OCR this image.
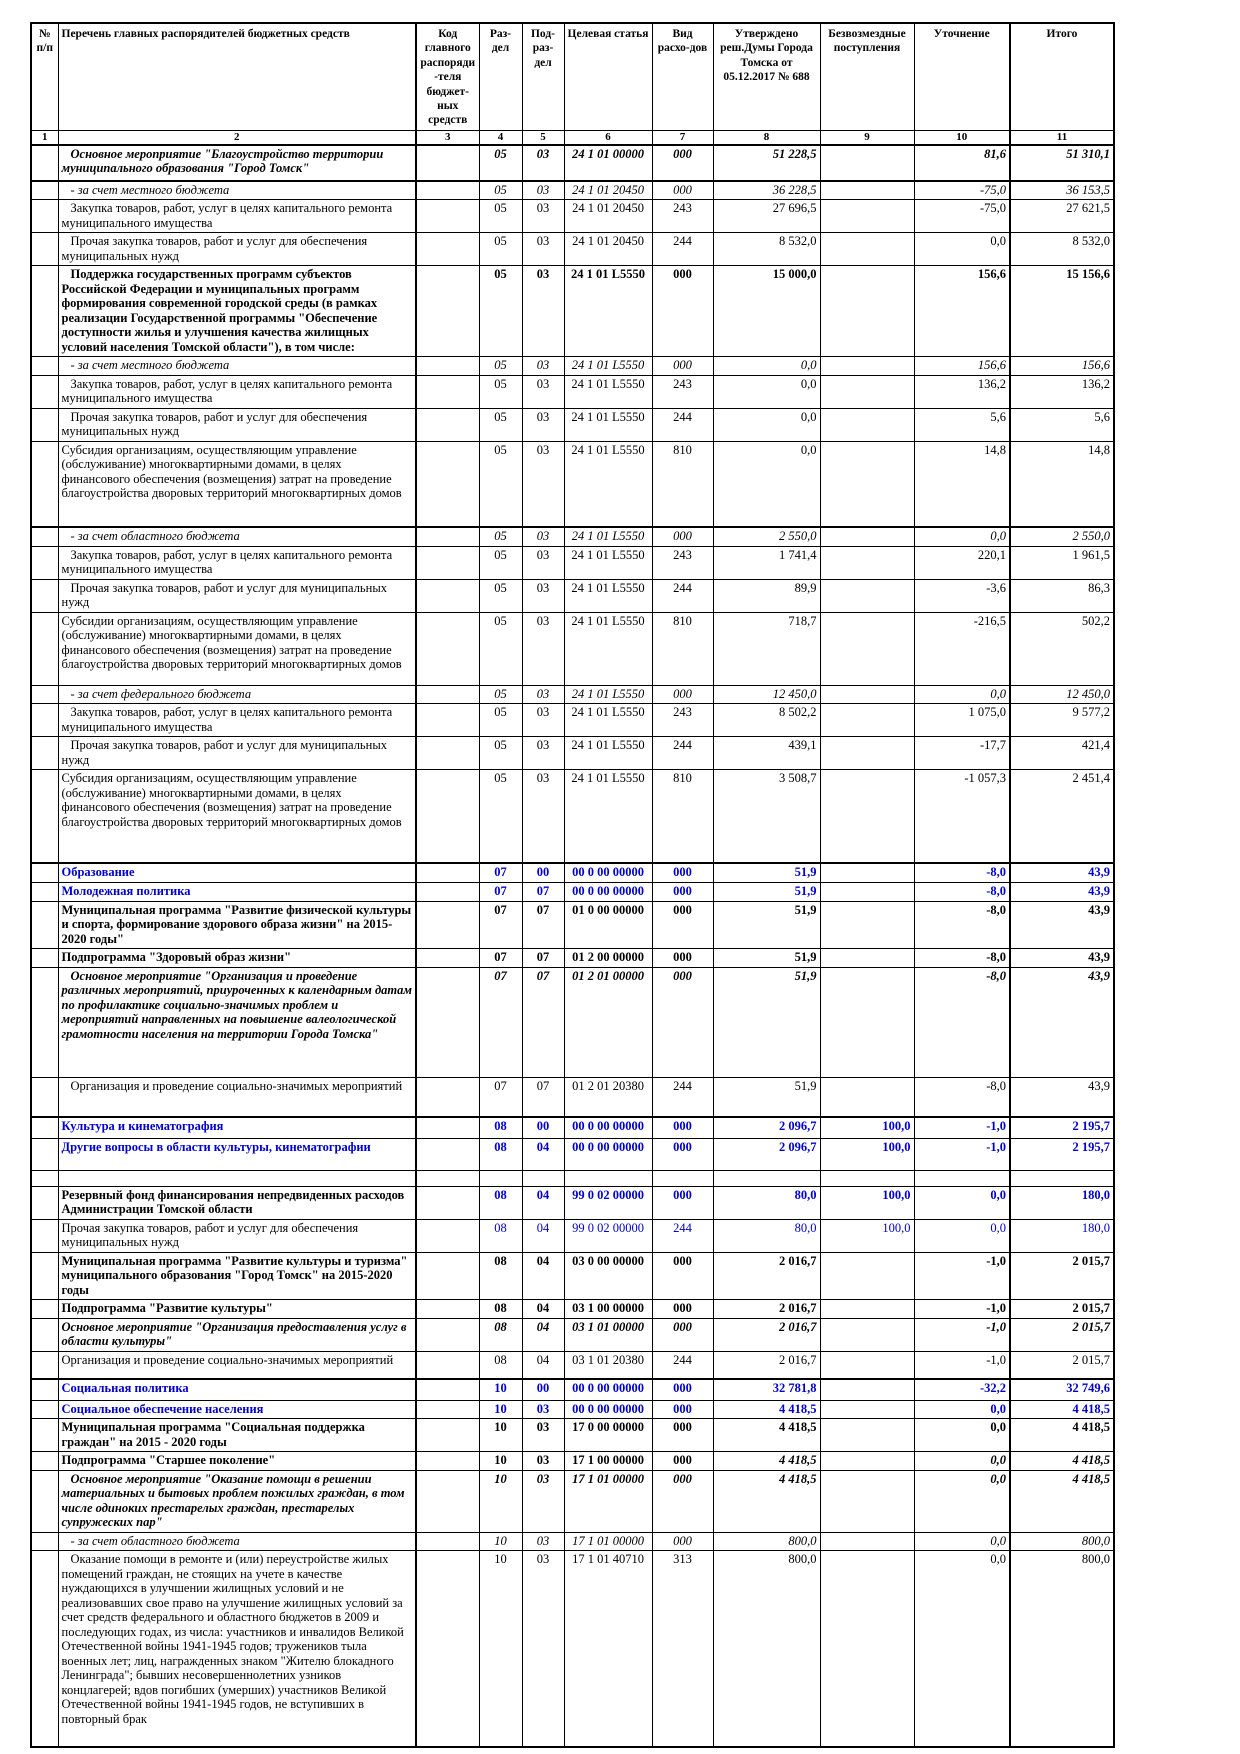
№ п/п	Перечень главных распорядителей бюджетных средств	Код главного распоряди-теля бюджет-ных средств	Раз-дел	Под-раз-дел	Целевая статья	Вид расхо-дов	Утверждено реш.Думы Города Томска от 05.12.2017 № 688	Безвозмездные поступления	Уточнение	Итого
1	2	3	4	5	6	7	8	9	10	11
	Основное мероприятие "Благоустройство территории муниципального образования "Город Томск"		05	03	24 1 01 00000	000	51 228,5		81,6	51 310,1
	- за счет местного бюджета		05	03	24 1 01 20450	000	36 228,5		-75,0	36 153,5
	Закупка товаров, работ, услуг в целях капитального ремонта муниципального имущества		05	03	24 1 01 20450	243	27 696,5		-75,0	27 621,5
	Прочая закупка товаров, работ и услуг для обеспечения муниципальных нужд		05	03	24 1 01 20450	244	8 532,0		0,0	8 532,0
	Поддержка государственных программ субъектов Российской Федерации и муниципальных программ формирования современной городской среды (в рамках реализации Государственной программы "Обеспечение доступности жилья и улучшения качества жилищных условий населения Томской области"), в том числе:		05	03	24 1 01 L5550	000	15 000,0		156,6	15 156,6
	- за счет местного бюджета		05	03	24 1 01 L5550	000	0,0		156,6	156,6
	Закупка товаров, работ, услуг в целях капитального ремонта муниципального имущества		05	03	24 1 01 L5550	243	0,0		136,2	136,2
	Прочая закупка товаров, работ и услуг для обеспечения муниципальных нужд		05	03	24 1 01 L5550	244	0,0		5,6	5,6
	Субсидия организациям, осуществляющим управление (обслуживание) многоквартирными домами, в целях финансового обеспечения (возмещения) затрат на проведение благоустройства дворовых территорий многоквартирных домов		05	03	24 1 01 L5550	810	0,0		14,8	14,8
	- за счет областного бюджета		05	03	24 1 01 L5550	000	2 550,0		0,0	2 550,0
	Закупка товаров, работ, услуг в целях капитального ремонта муниципального имущества		05	03	24 1 01 L5550	243	1 741,4		220,1	1 961,5
	Прочая закупка товаров, работ и услуг для муниципальных нужд		05	03	24 1 01 L5550	244	89,9		-3,6	86,3
	Субсидии организациям, осуществляющим управление (обслуживание) многоквартирными домами, в целях финансового обеспечения (возмещения) затрат на проведение благоустройства дворовых территорий многоквартирных домов		05	03	24 1 01 L5550	810	718,7		-216,5	502,2
	- за счет федерального бюджета		05	03	24 1 01 L5550	000	12 450,0		0,0	12 450,0
	Закупка товаров, работ, услуг в целях капитального ремонта муниципального имущества		05	03	24 1 01 L5550	243	8 502,2		1 075,0	9 577,2
	Прочая закупка товаров, работ и услуг для муниципальных нужд		05	03	24 1 01 L5550	244	439,1		-17,7	421,4
	Субсидия организациям, осуществляющим управление (обслуживание) многоквартирными домами, в целях финансового обеспечения (возмещения) затрат на проведение благоустройства дворовых территорий многоквартирных домов		05	03	24 1 01 L5550	810	3 508,7		-1 057,3	2 451,4
	Образование		07	00	00 0 00 00000	000	51,9		-8,0	43,9
	Молодежная политика		07	07	00 0 00 00000	000	51,9		-8,0	43,9
	Муниципальная программа "Развитие физической культуры и спорта, формирование здорового образа жизни" на 2015-2020 годы"		07	07	01 0 00 00000	000	51,9		-8,0	43,9
	Подпрограмма "Здоровый образ жизни"		07	07	01 2 00 00000	000	51,9		-8,0	43,9
	Основное мероприятие "Организация и проведение различных мероприятий, приуроченных к календарным датам по профилактике социально-значимых проблем и мероприятий направленных на повышение валеологической грамотности населения на территории Города Томска"		07	07	01 2 01 00000	000	51,9		-8,0	43,9
	Организация и проведение социально-значимых мероприятий		07	07	01 2 01 20380	244	51,9		-8,0	43,9
	Культура и кинематография		08	00	00 0 00 00000	000	2 096,7	100,0	-1,0	2 195,7
	Другие вопросы в области культуры, кинематографии		08	04	00 0 00 00000	000	2 096,7	100,0	-1,0	2 195,7

	Резервный фонд финансирования непредвиденных расходов Администрации Томской области		08	04	99 0 02 00000	000	80,0	100,0	0,0	180,0
	Прочая закупка товаров, работ и услуг для обеспечения муниципальных нужд		08	04	99 0 02 00000	244	80,0	100,0	0,0	180,0
	Муниципальная программа "Развитие культуры и туризма" муниципального образования "Город Томск" на 2015-2020 годы		08	04	03 0 00 00000	000	2 016,7		-1,0	2 015,7
	Подпрограмма "Развитие культуры"		08	04	03 1 00 00000	000	2 016,7		-1,0	2 015,7
	Основное мероприятие "Организация предоставления услуг в области культуры"		08	04	03 1 01 00000	000	2 016,7		-1,0	2 015,7
	Организация и проведение социально-значимых мероприятий		08	04	03 1 01 20380	244	2 016,7		-1,0	2 015,7
	Социальная политика		10	00	00 0 00 00000	000	32 781,8		-32,2	32 749,6
	Социальное обеспечение населения		10	03	00 0 00 00000	000	4 418,5		0,0	4 418,5
	Муниципальная программа "Социальная поддержка граждан" на 2015 - 2020 годы		10	03	17 0 00 00000	000	4 418,5		0,0	4 418,5
	Подпрограмма "Старшее поколение"		10	03	17 1 00 00000	000	4 418,5		0,0	4 418,5
	Основное мероприятие "Оказание помощи в решении материальных и бытовых проблем пожилых граждан, в том числе одиноких престарелых граждан, престарелых супружеских пар"		10	03	17 1 01 00000	000	4 418,5		0,0	4 418,5
	- за счет областного бюджета		10	03	17 1 01 00000	000	800,0		0,0	800,0
	Оказание помощи в ремонте и (или) переустройстве жилых помещений граждан, не стоящих на учете в качестве нуждающихся в улучшении жилищных условий и не реализовавших свое право на улучшение жилищных условий за счет средств федерального и областного бюджетов в 2009 и последующих годах, из числа: участников и инвалидов Великой Отечественной войны 1941-1945 годов; тружеников тыла военных лет; лиц, награжденных знаком "Жителю блокадного Ленинграда"; бывших несовершеннолетних узников концлагерей; вдов погибших (умерших) участников Великой Отечественной войны 1941-1945 годов, не вступивших в повторный брак		10	03	17 1 01 40710	313	800,0		0,0	800,0
